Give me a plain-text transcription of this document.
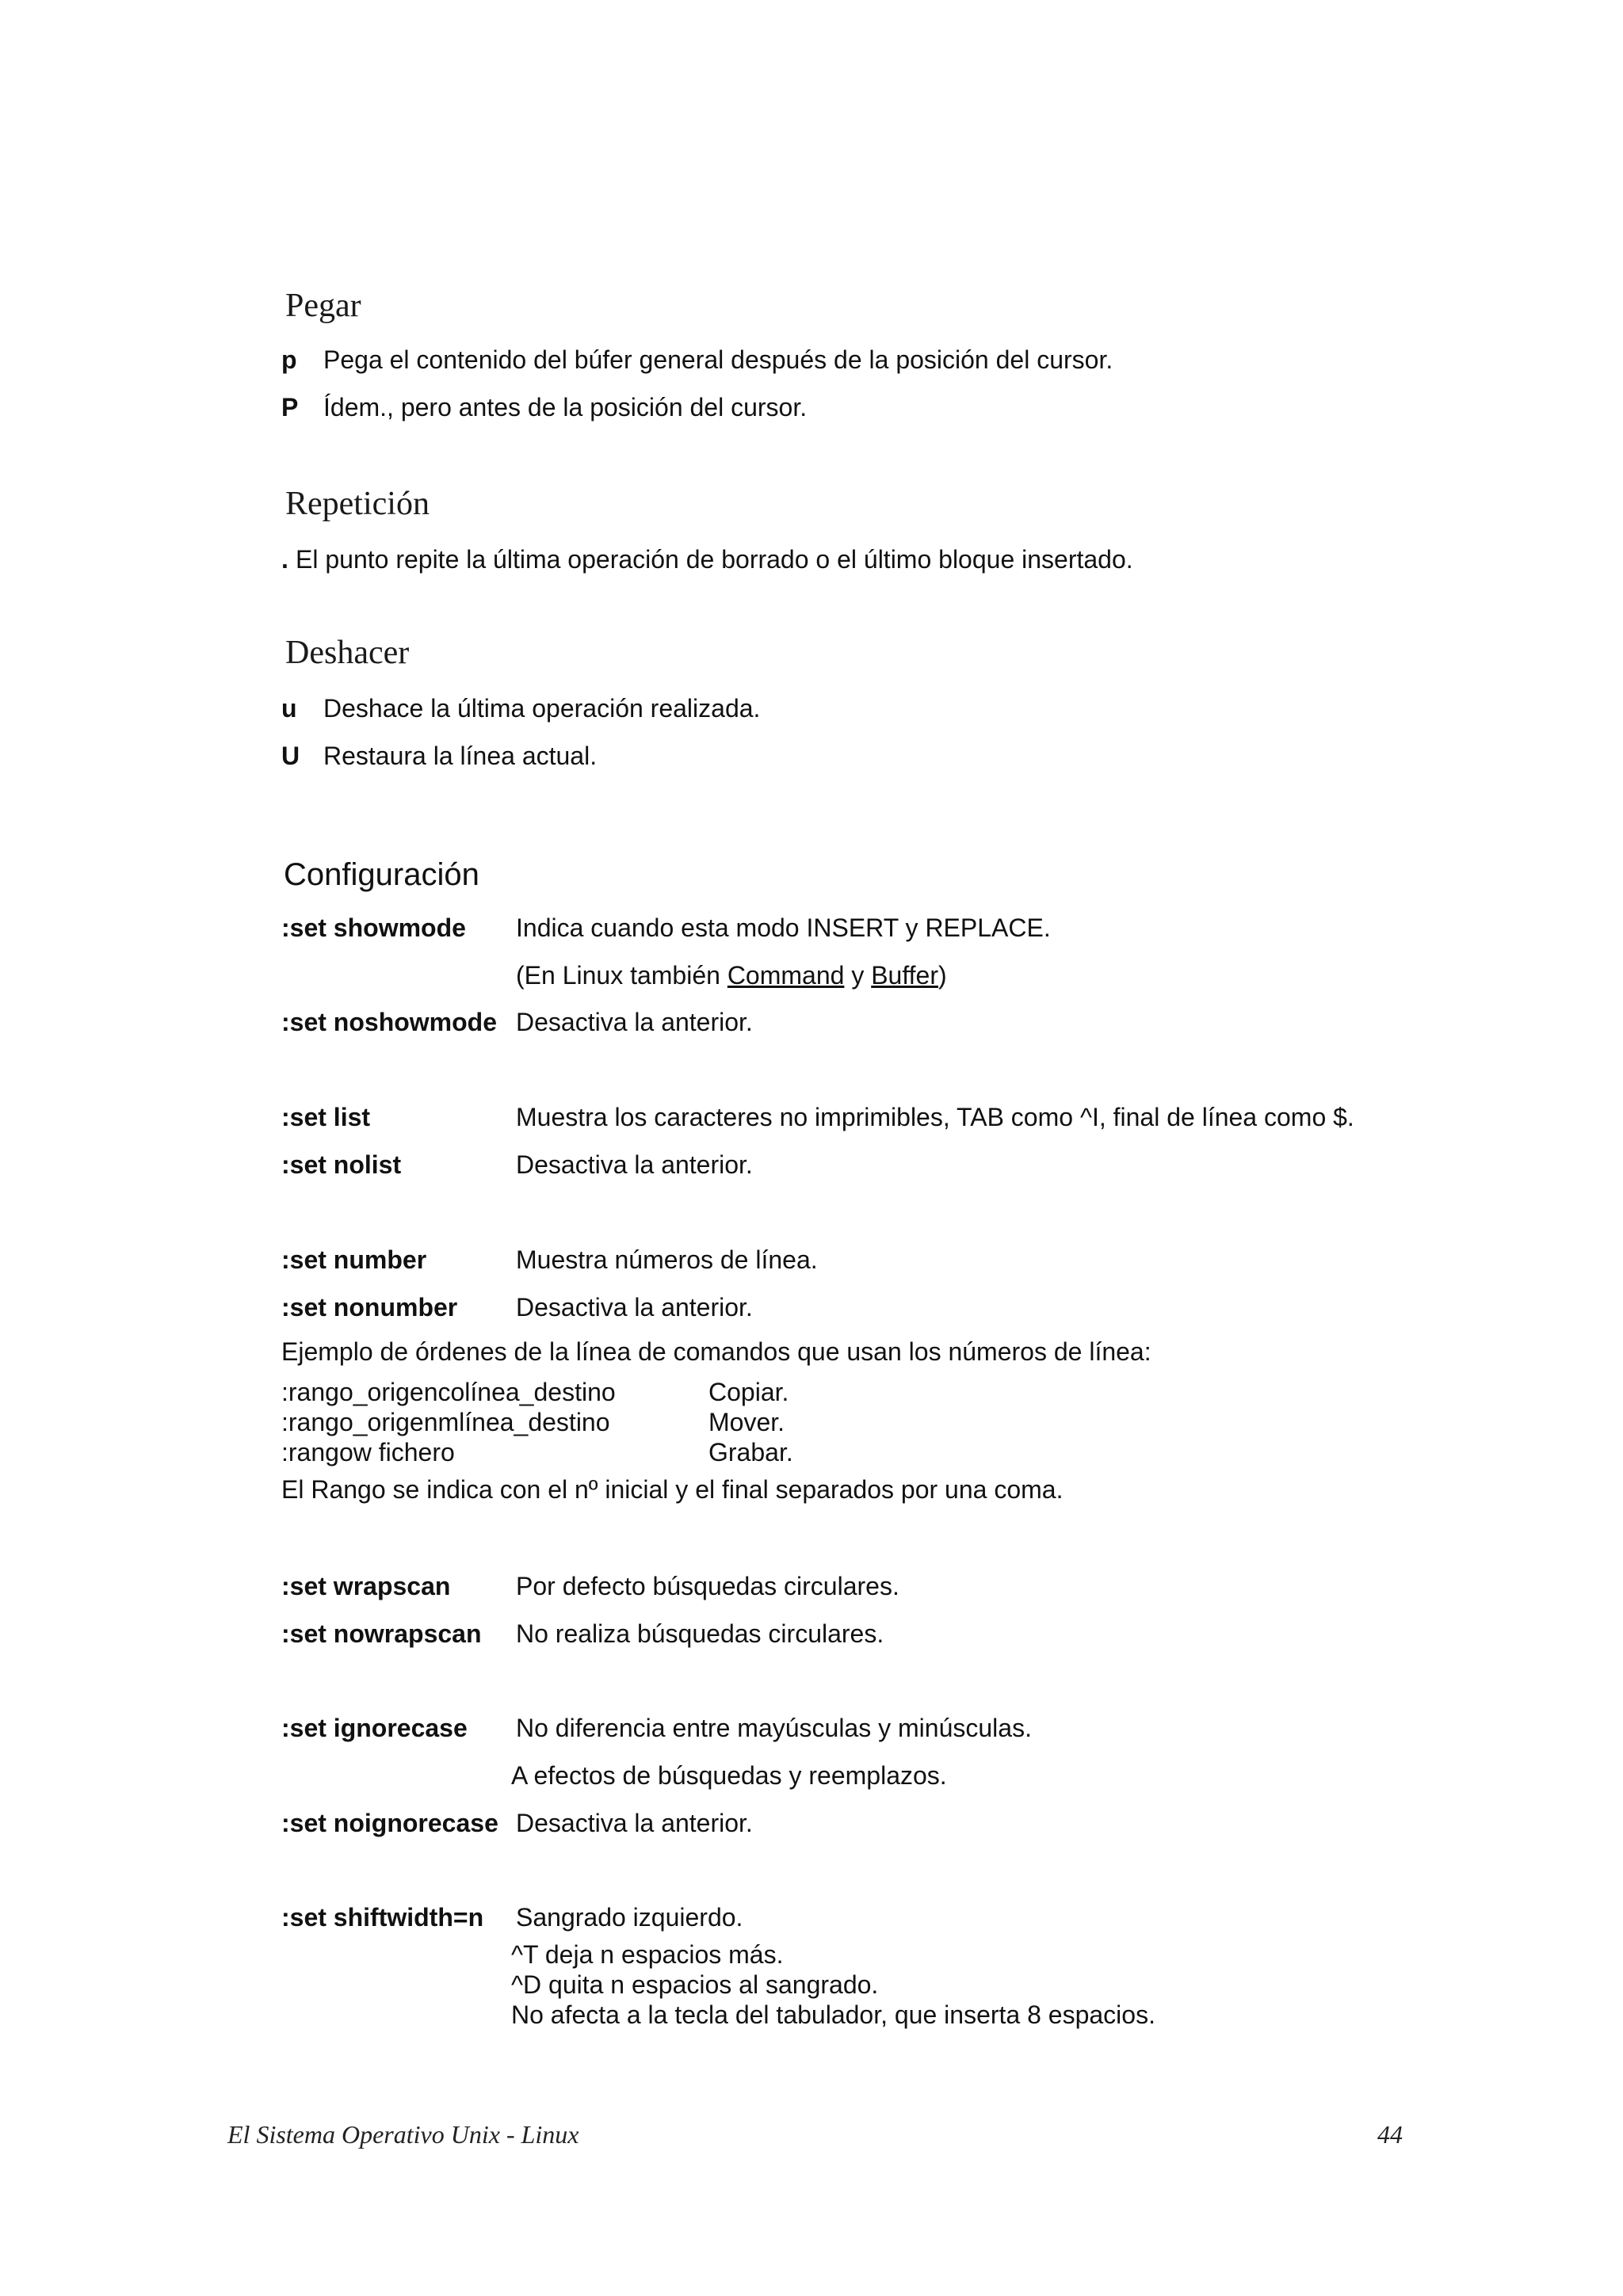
Pegar
p Pega el contenido del búfer general después de la posición del cursor.
P Ídem., pero antes de la posición del cursor.
Repetición
. El punto repite la última operación de borrado o el último bloque insertado.
Deshacer
u Deshace la última operación realizada.
U Restaura la línea actual.
Configuración
:set showmode Indica cuando esta modo INSERT y REPLACE.
(En Linux también Command y Buffer)
:set noshowmode Desactiva la anterior.
:set list	Muestra los caracteres no imprimibles, TAB como ^I, final de línea como $.
:set nolist	Desactiva la anterior.
:set number	Muestra números de línea.
:set nonumber Desactiva la anterior.
Ejemplo de órdenes de la línea de comandos que usan los números de línea:
:rango_origencolínea_destino	Copiar.
:rango_origenmlínea_destino	Mover.
:rangow fichero	Grabar.
El Rango se indica con el nº inicial y el final separados por una coma.
:set wrapscan	Por defecto búsquedas circulares.
:set nowrapscan No realiza búsquedas circulares.
:set ignorecase No diferencia entre mayúsculas y minúsculas.
A efectos de búsquedas y reemplazos.
:set noignorecase Desactiva la anterior.
:set shiftwidth=n Sangrado izquierdo.
^T deja n espacios más.
^D quita n espacios al sangrado.
No afecta a la tecla del tabulador, que inserta 8 espacios.
El Sistema Operativo Unix - Linux	44
